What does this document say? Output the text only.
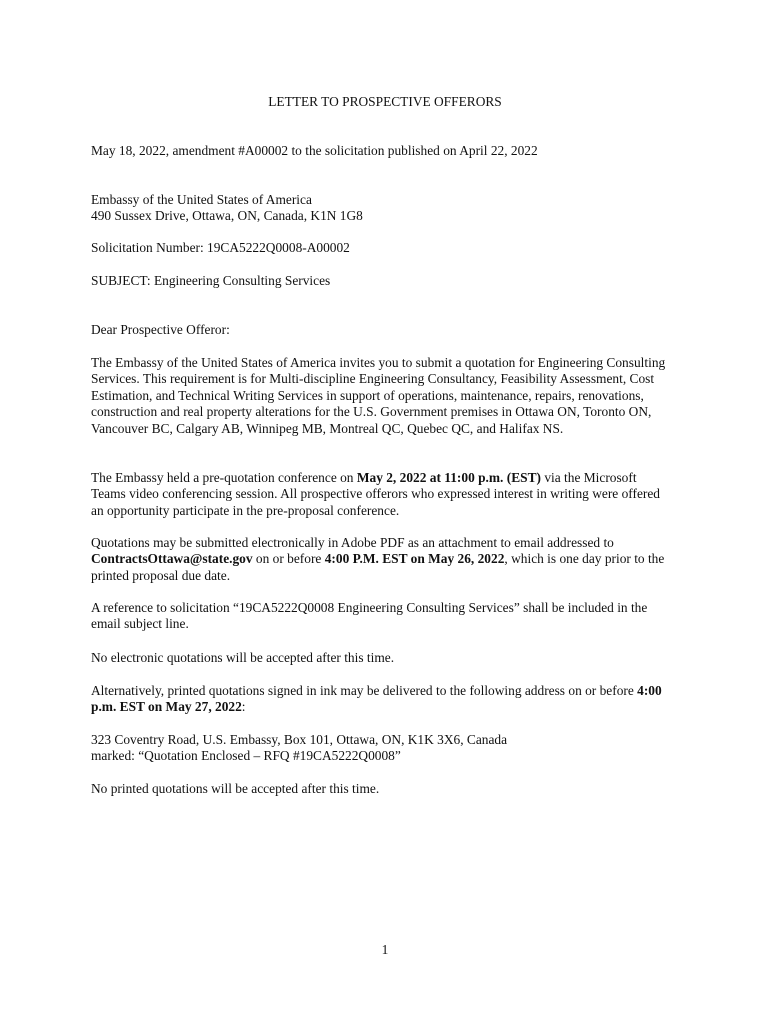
LETTER TO PROSPECTIVE OFFERORS

May 18, 2022, amendment #A00002 to the solicitation published on April 22, 2022

Embassy of the United States of America
490 Sussex Drive, Ottawa, ON, Canada, K1N 1G8

Solicitation Number: 19CA5222Q0008-A00002

SUBJECT: Engineering Consulting Services

Dear Prospective Offeror:

The Embassy of the United States of America invites you to submit a quotation for Engineering Consulting Services. This requirement is for Multi-discipline Engineering Consultancy, Feasibility Assessment, Cost Estimation, and Technical Writing Services in support of operations, maintenance, repairs, renovations, construction and real property alterations for the U.S. Government premises in Ottawa ON, Toronto ON, Vancouver BC, Calgary AB, Winnipeg MB, Montreal QC, Quebec QC, and Halifax NS.

The Embassy held a pre-quotation conference on May 2, 2022 at 11:00 p.m. (EST) via the Microsoft Teams video conferencing session. All prospective offerors who expressed interest in writing were offered an opportunity participate in the pre-proposal conference.

Quotations may be submitted electronically in Adobe PDF as an attachment to email addressed to ContractsOttawa@state.gov on or before 4:00 P.M. EST on May 26, 2022, which is one day prior to the printed proposal due date.

A reference to solicitation “19CA5222Q0008 Engineering Consulting Services” shall be included in the email subject line.

No electronic quotations will be accepted after this time.

Alternatively, printed quotations signed in ink may be delivered to the following address on or before 4:00 p.m. EST on May 27, 2022:

323 Coventry Road, U.S. Embassy, Box 101, Ottawa, ON, K1K 3X6, Canada
marked: “Quotation Enclosed – RFQ #19CA5222Q0008”

No printed quotations will be accepted after this time.

1
